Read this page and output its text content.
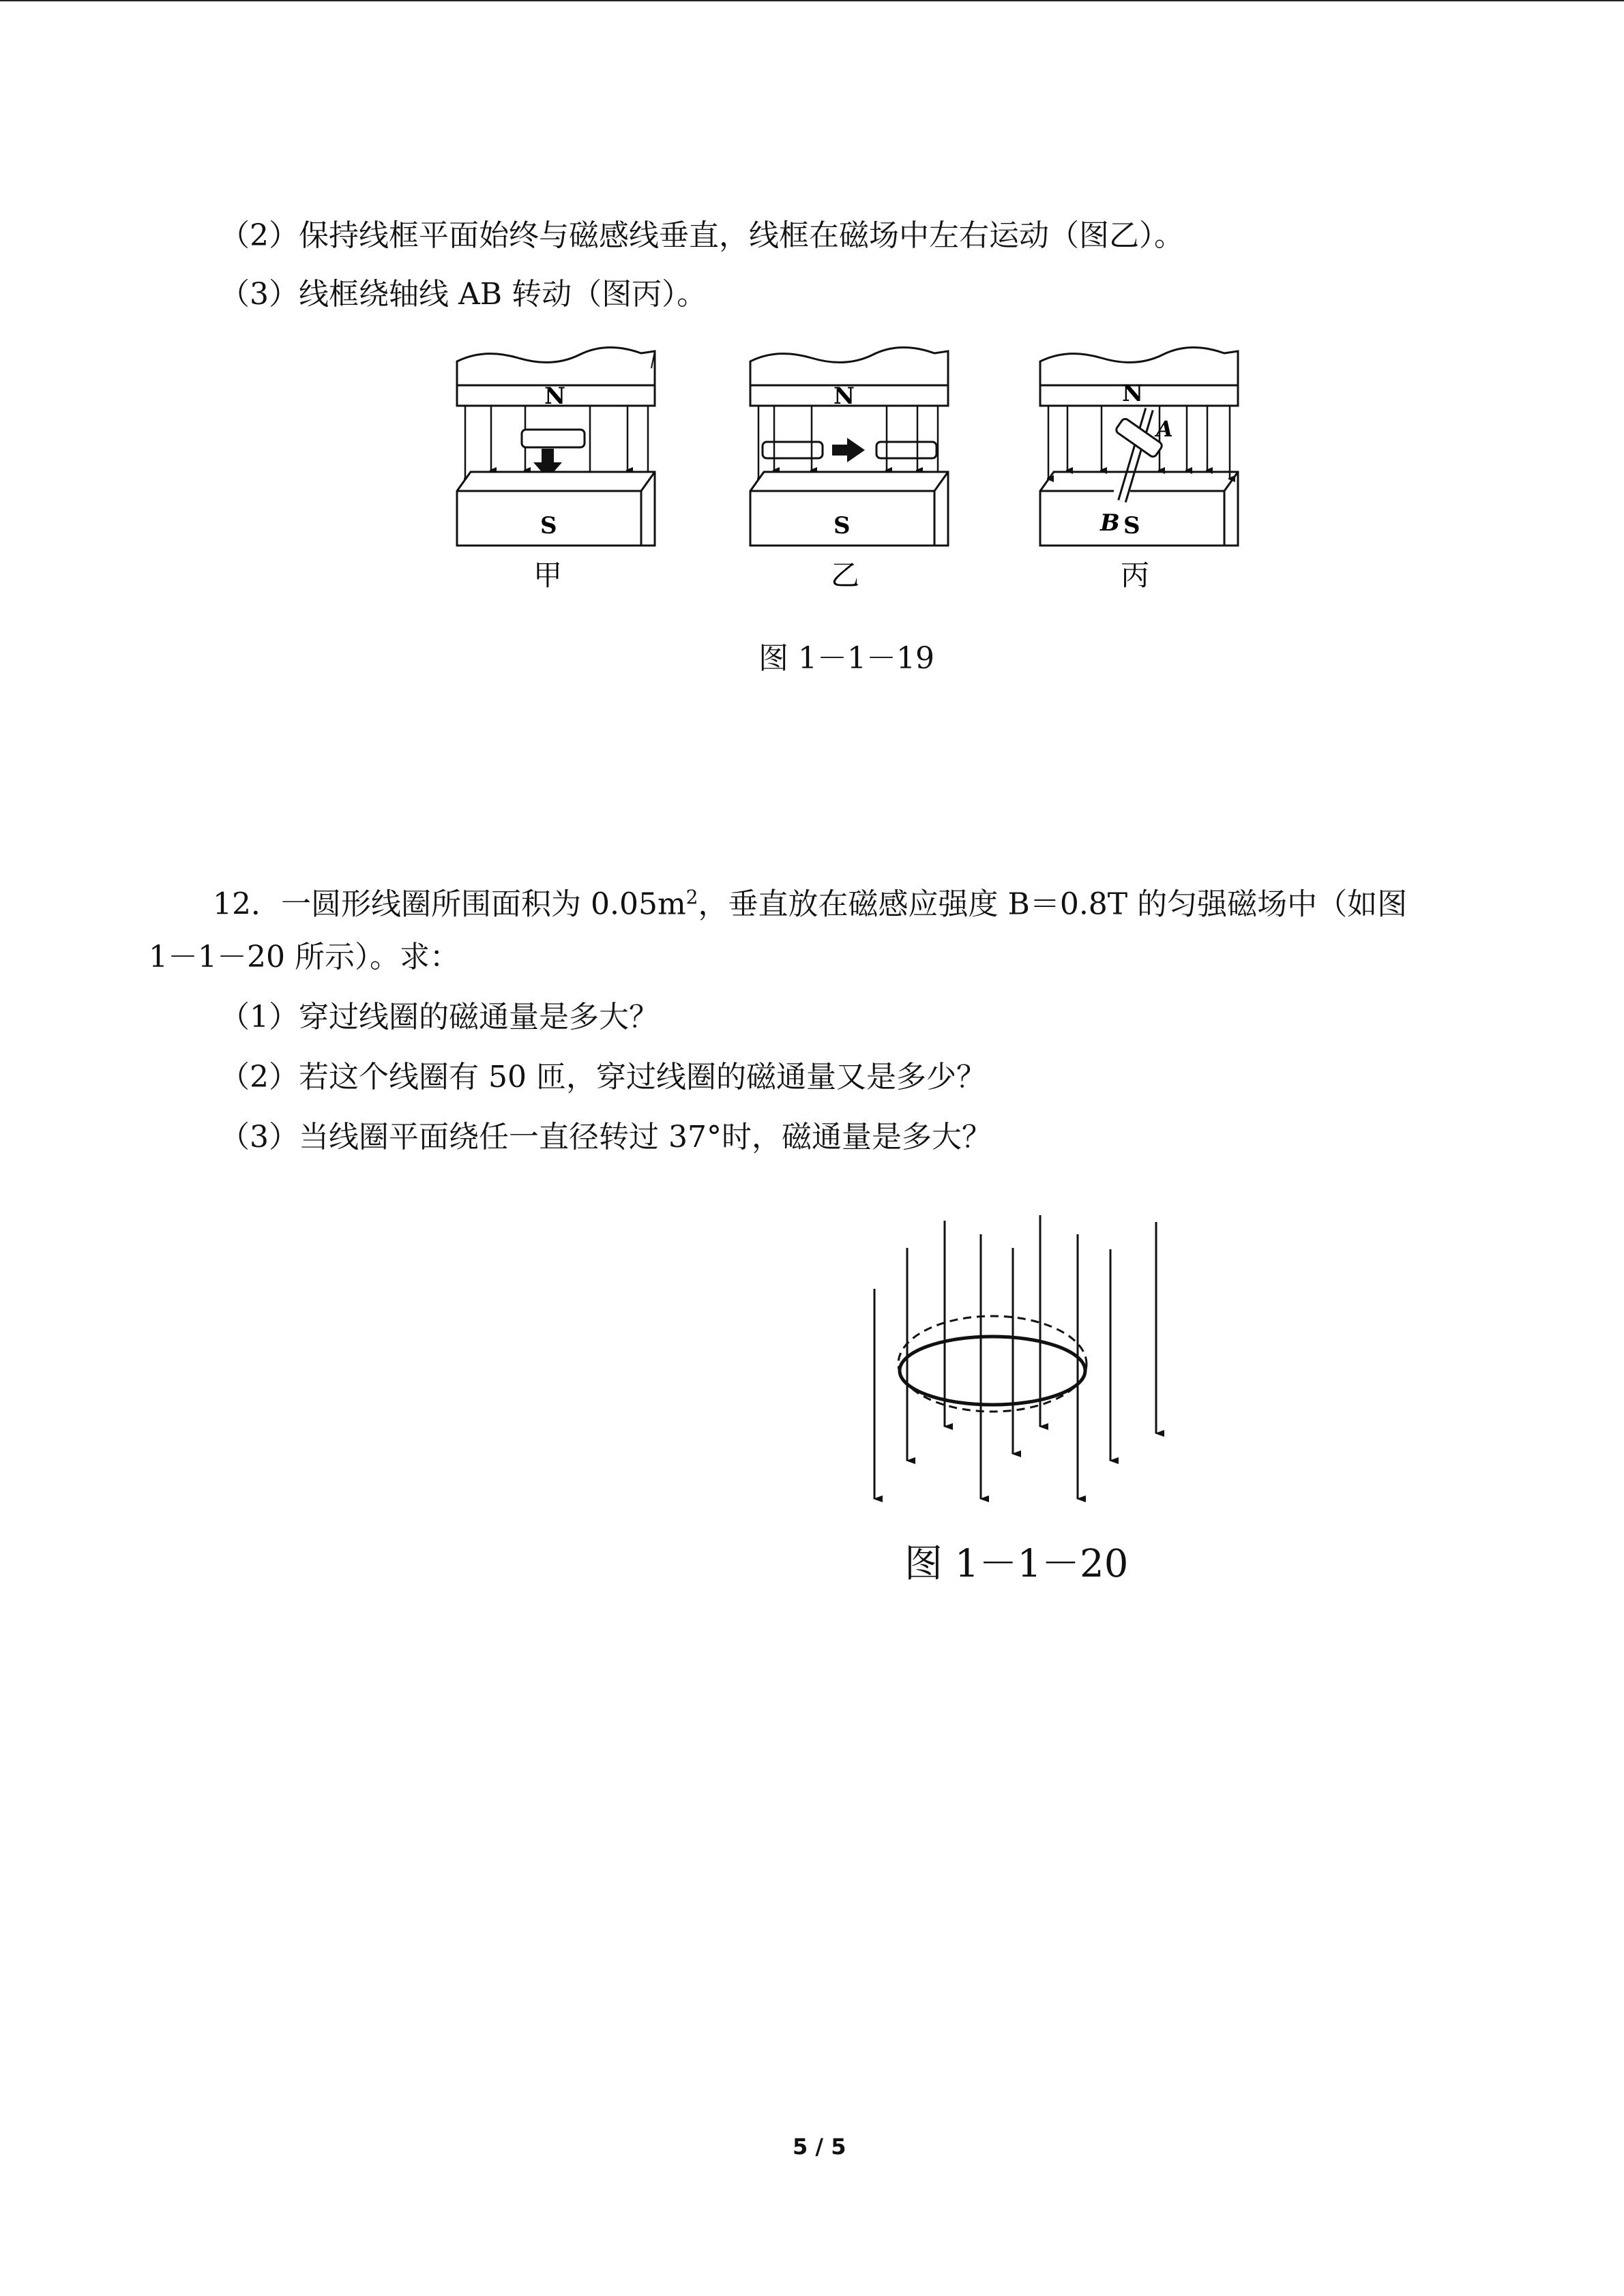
（2）保持线框平面始终与磁感线垂直，线框在磁场中左右运动（图乙）。
（3）线框绕轴线 AB 转动（图丙）。
N
S
甲
N
S
乙
N
A
B S
丙
图 1－1－19
12．一圆形线圈所围面积为 $0.05m^2$，垂直放在磁感应强度 B＝0.8T 的匀强磁场中（如图
1－1－20 所示）。求：
（1）穿过线圈的磁通量是多大？
（2）若这个线圈有 50 匝，穿过线圈的磁通量又是多少？
（3）当线圈平面绕任一直径转过 37°时，磁通量是多大？
图 1－1－20
5 / 5
